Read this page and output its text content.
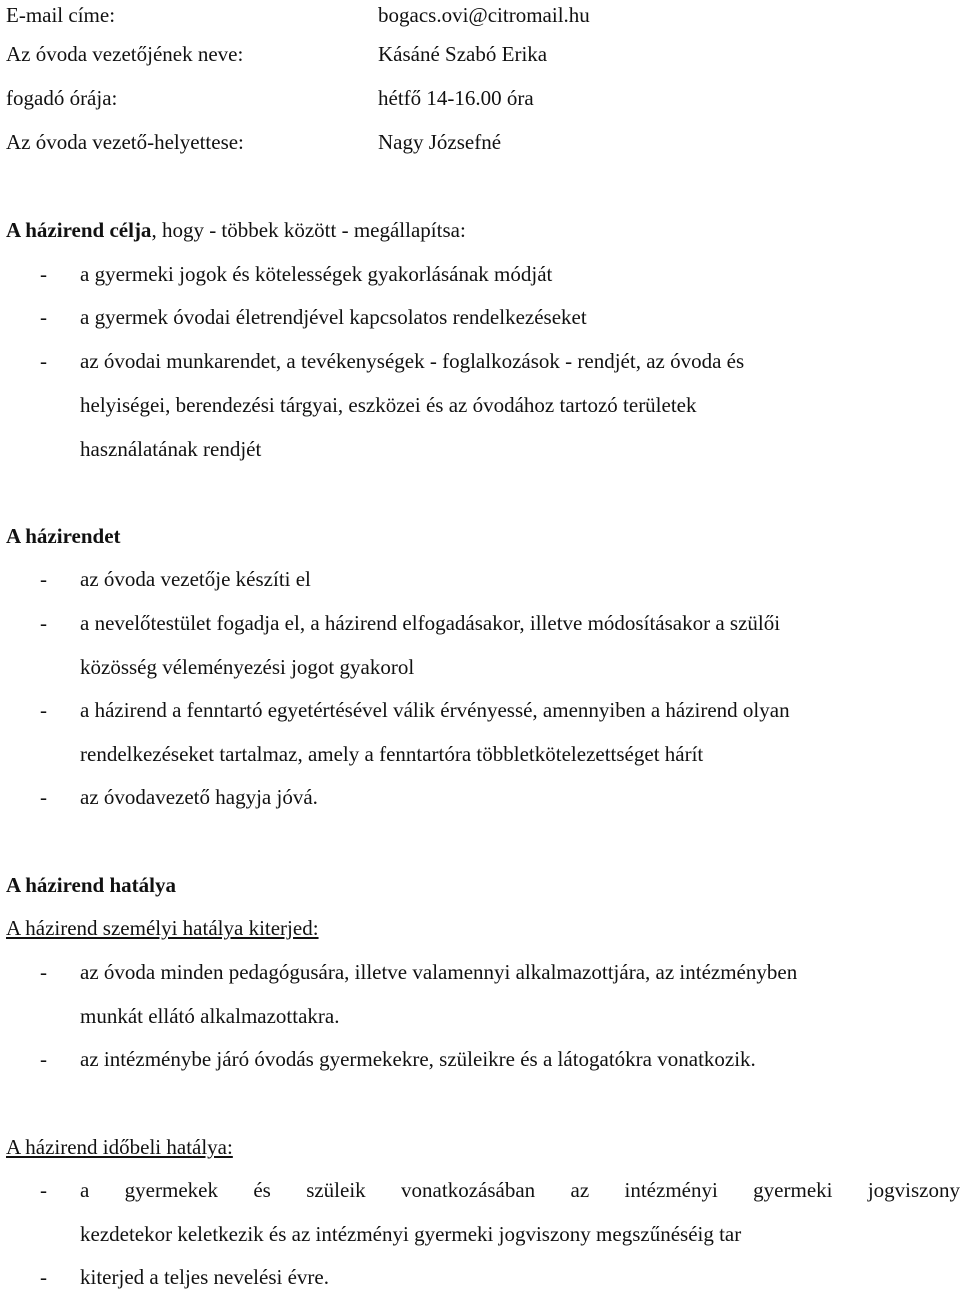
E-mail címe:	bogacs.ovi@citromail.hu
Az óvoda vezetőjének neve:	Kásáné Szabó Erika
fogadó órája:	hétfő 14-16.00 óra
Az óvoda vezető-helyettese:	Nagy Józsefné
A házirend célja, hogy - többek között - megállapítsa:
- a gyermeki jogok és kötelességek gyakorlásának módját
- a gyermek óvodai életrendjével kapcsolatos rendelkezéseket
- az óvodai munkarendet, a tevékenységek - foglalkozások - rendjét, az óvoda és
helyiségei, berendezési tárgyai, eszközei és az óvodához tartozó területek
használatának rendjét
A házirendet
- az óvoda vezetője készíti el
- a nevelőtestület fogadja el, a házirend elfogadásakor, illetve módosításakor a szülői
közösség véleményezési jogot gyakorol
- a házirend a fenntartó egyetértésével válik érvényessé, amennyiben a házirend olyan
rendelkezéseket tartalmaz, amely a fenntartóra többletkötelezettséget hárít
- az óvodavezető hagyja jóvá.
A házirend hatálya
A házirend személyi hatálya kiterjed:
- az óvoda minden pedagógusára, illetve valamennyi alkalmazottjára, az intézményben
munkát ellátó alkalmazottakra.
- az intézménybe járó óvodás gyermekekre, szüleikre és a látogatókra vonatkozik.
A házirend időbeli hatálya:
- a gyermekek és szüleik vonatkozásában az intézményi gyermeki jogviszony
kezdetekor keletkezik és az intézményi gyermeki jogviszony megszűnéséig tar
- kiterjed a teljes nevelési évre.
